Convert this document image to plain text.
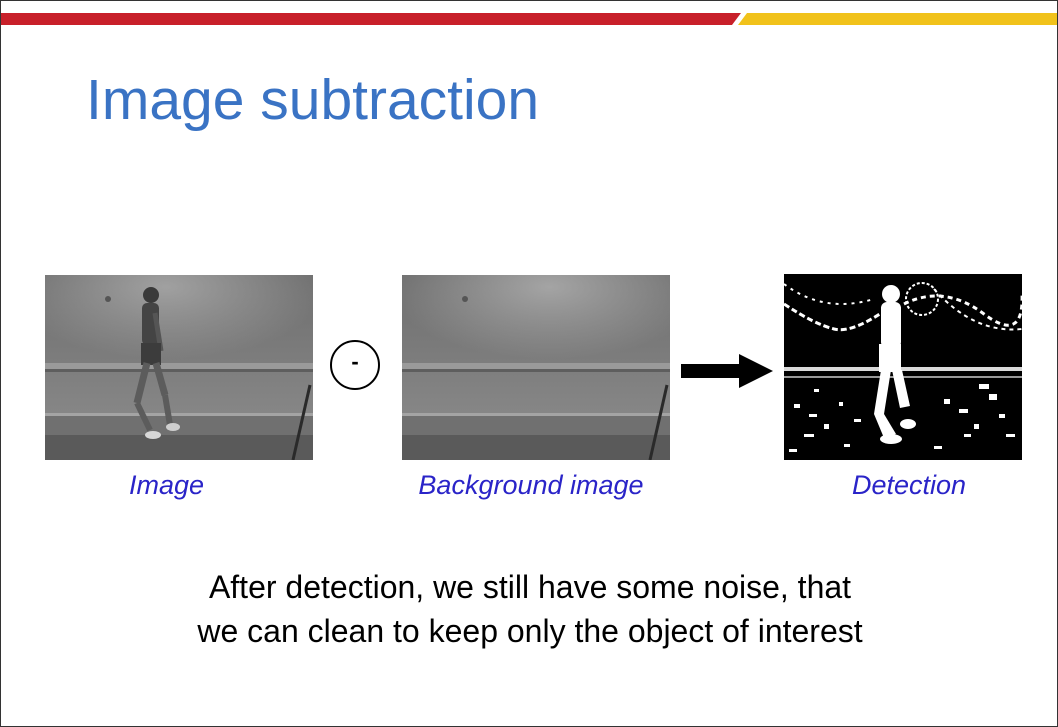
Image subtraction
-
Image	Background image	Detection
After detection, we still have some noise, that
we can clean to keep only the object of interest
